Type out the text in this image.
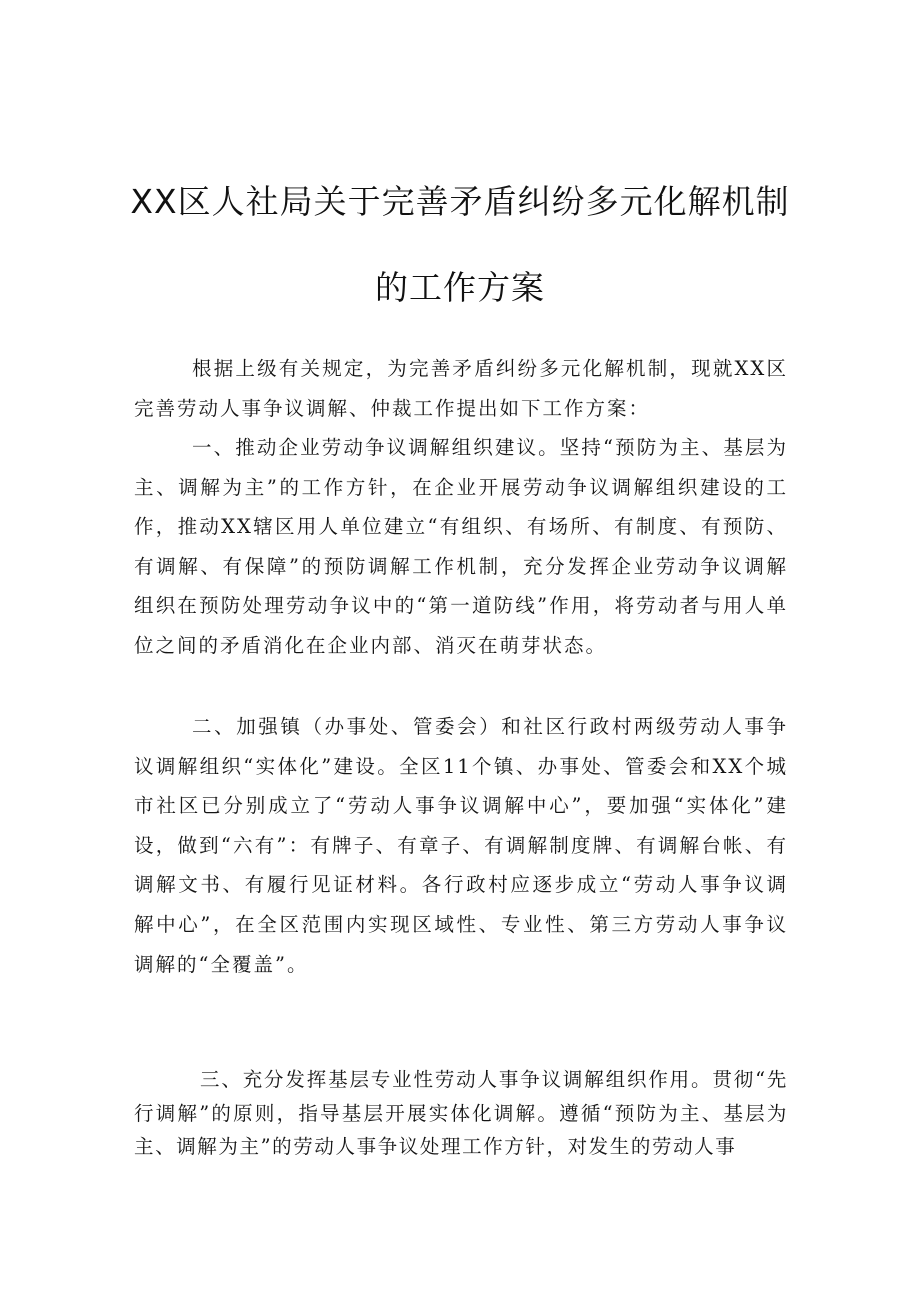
XX区人社局关于完善矛盾纠纷多元化解机制
的工作方案

根据上级有关规定，为完善矛盾纠纷多元化解机制，现就XX区完善劳动人事争议调解、仲裁工作提出如下工作方案：

一、推动企业劳动争议调解组织建议。坚持“预防为主、基层为主、调解为主”的工作方针，在企业开展劳动争议调解组织建设的工作，推动XX辖区用人单位建立“有组织、有场所、有制度、有预防、有调解、有保障”的预防调解工作机制，充分发挥企业劳动争议调解组织在预防处理劳动争议中的“第一道防线”作用，将劳动者与用人单位之间的矛盾消化在企业内部、消灭在萌芽状态。

二、加强镇（办事处、管委会）和社区行政村两级劳动人事争议调解组织“实体化”建设。全区11个镇、办事处、管委会和XX个城市社区已分别成立了“劳动人事争议调解中心”，要加强“实体化”建设，做到“六有”：有牌子、有章子、有调解制度牌、有调解台帐、有调解文书、有履行见证材料。各行政村应逐步成立“劳动人事争议调解中心”，在全区范围内实现区域性、专业性、第三方劳动人事争议调解的“全覆盖”。

三、充分发挥基层专业性劳动人事争议调解组织作用。贯彻“先行调解”的原则，指导基层开展实体化调解。遵循“预防为主、基层为主、调解为主”的劳动人事争议处理工作方针，对发生的劳动人事
